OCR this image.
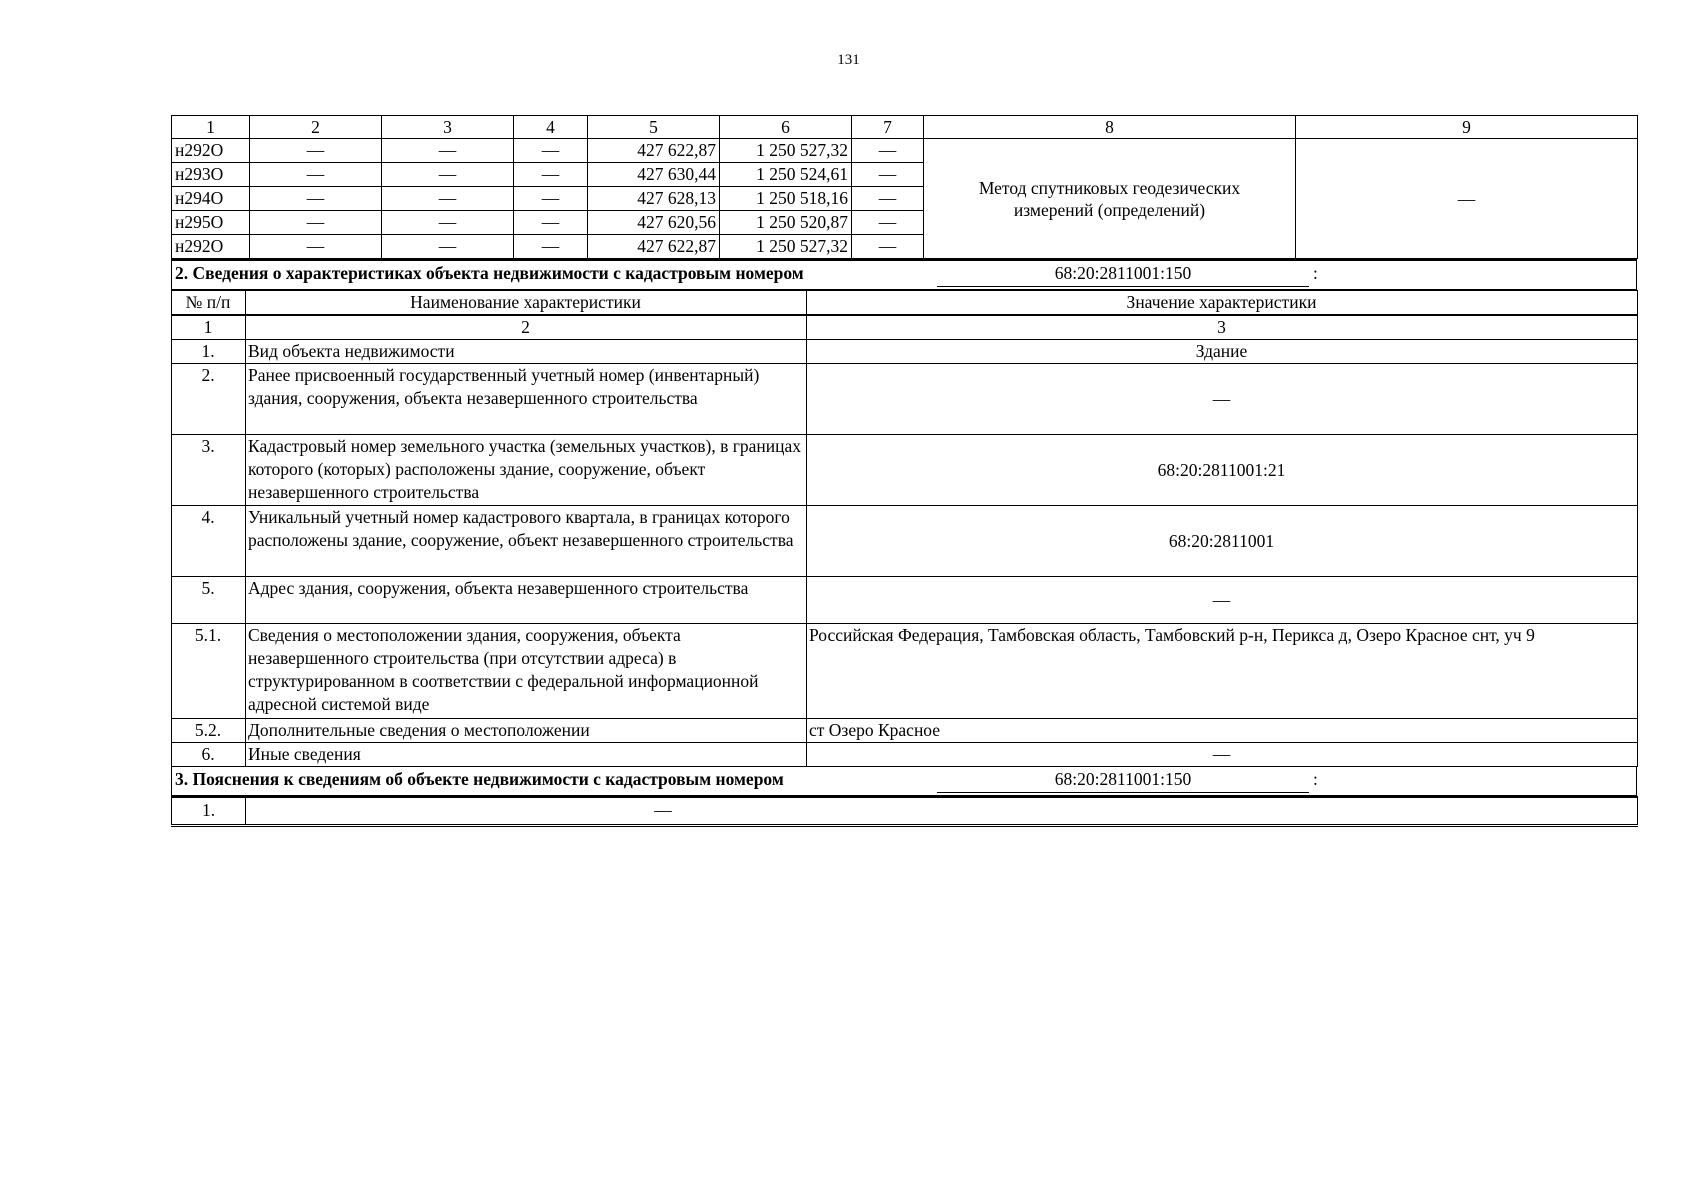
131
1	2	3	4	5	6	7	8	9
н292О	—	—	—	427 622,87	1 250 527,32	—	Метод спутниковых геодезических измерений (определений)	—
н293О	—	—	—	427 630,44	1 250 524,61	—		
н294О	—	—	—	427 628,13	1 250 518,16	—		
н295О	—	—	—	427 620,56	1 250 520,87	—		
н292О	—	—	—	427 622,87	1 250 527,32	—		
2. Сведения о характеристиках объекта недвижимости с кадастровым номером	68:20:2811001:150	:
№ п/п	Наименование характеристики	Значение характеристики
1	2	3
1.	Вид объекта недвижимости	Здание
2.	Ранее присвоенный государственный учетный номер (инвентарный) здания, сооружения, объекта незавершенного строительства	—
3.	Кадастровый номер земельного участка (земельных участков), в границах которого (которых) расположены здание, сооружение, объект незавершенного строительства	68:20:2811001:21
4.	Уникальный учетный номер кадастрового квартала, в границах которого расположены здание, сооружение, объект незавершенного строительства	68:20:2811001
5.	Адрес здания, сооружения, объекта незавершенного строительства	—
5.1.	Сведения о местоположении здания, сооружения, объекта незавершенного строительства (при отсутствии адреса) в структурированном в соответствии с федеральной информационной адресной системой виде	Российская Федерация, Тамбовская область, Тамбовский р-н, Перикса д, Озеро Красное снт, уч 9
5.2.	Дополнительные сведения о местоположении	ст Озеро Красное
6.	Иные сведения	—
3. Пояснения к сведениям об объекте недвижимости с кадастровым номером	68:20:2811001:150	:
1.	—
